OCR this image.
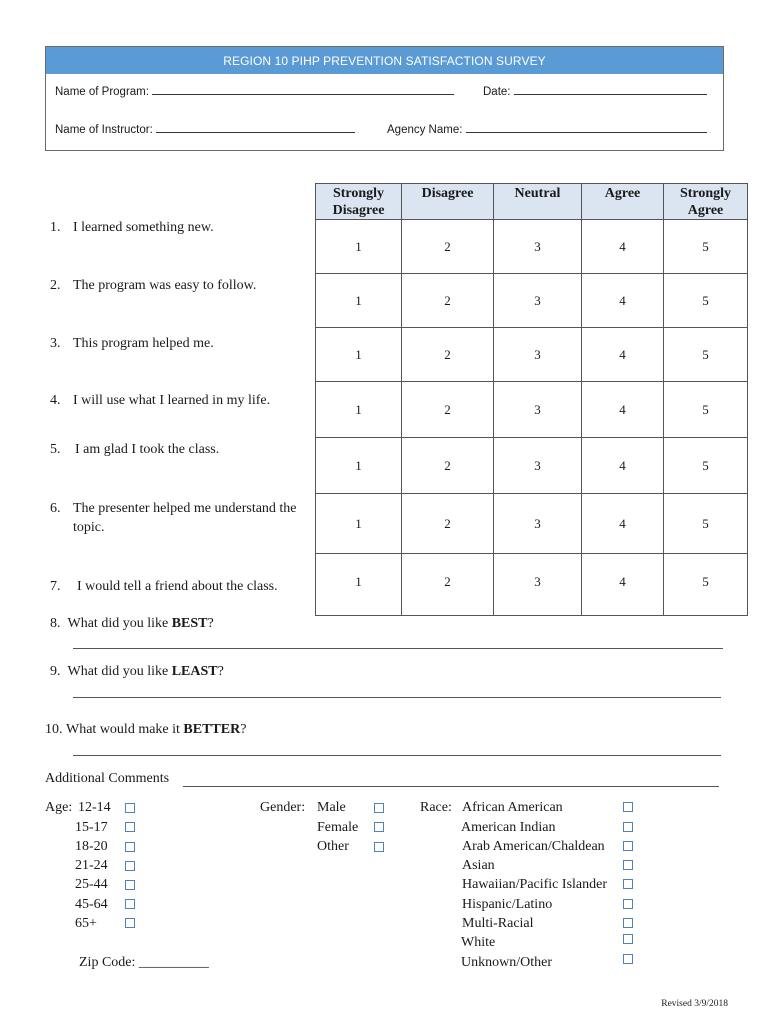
REGION 10 PIHP PREVENTION SATISFACTION SURVEY
Name of Program:	Date:
Name of Instructor:	Agency Name:
Strongly Disagree	Disagree	Neutral	Agree	Strongly Agree
1	2	3	4	5
1	2	3	4	5
1	2	3	4	5
1	2	3	4	5
1	2	3	4	5
1	2	3	4	5
1	2	3	4	5
1. I learned something new.
2. The program was easy to follow.
3. This program helped me.
4. I will use what I learned in my life.
5. I am glad I took the class.
6. The presenter helped me understand the topic.
7. I would tell a friend about the class.
8. What did you like BEST?
9. What did you like LEAST?
10. What would make it BETTER?
Additional Comments
Age: 12-14
15-17
18-20
21-24
25-44
45-64
65+
Zip Code: __________
Gender: Male
Female
Other
Race: African American
American Indian
Arab American/Chaldean
Asian
Hawaiian/Pacific Islander
Hispanic/Latino
Multi-Racial
White
Unknown/Other
Revised 3/9/2018
